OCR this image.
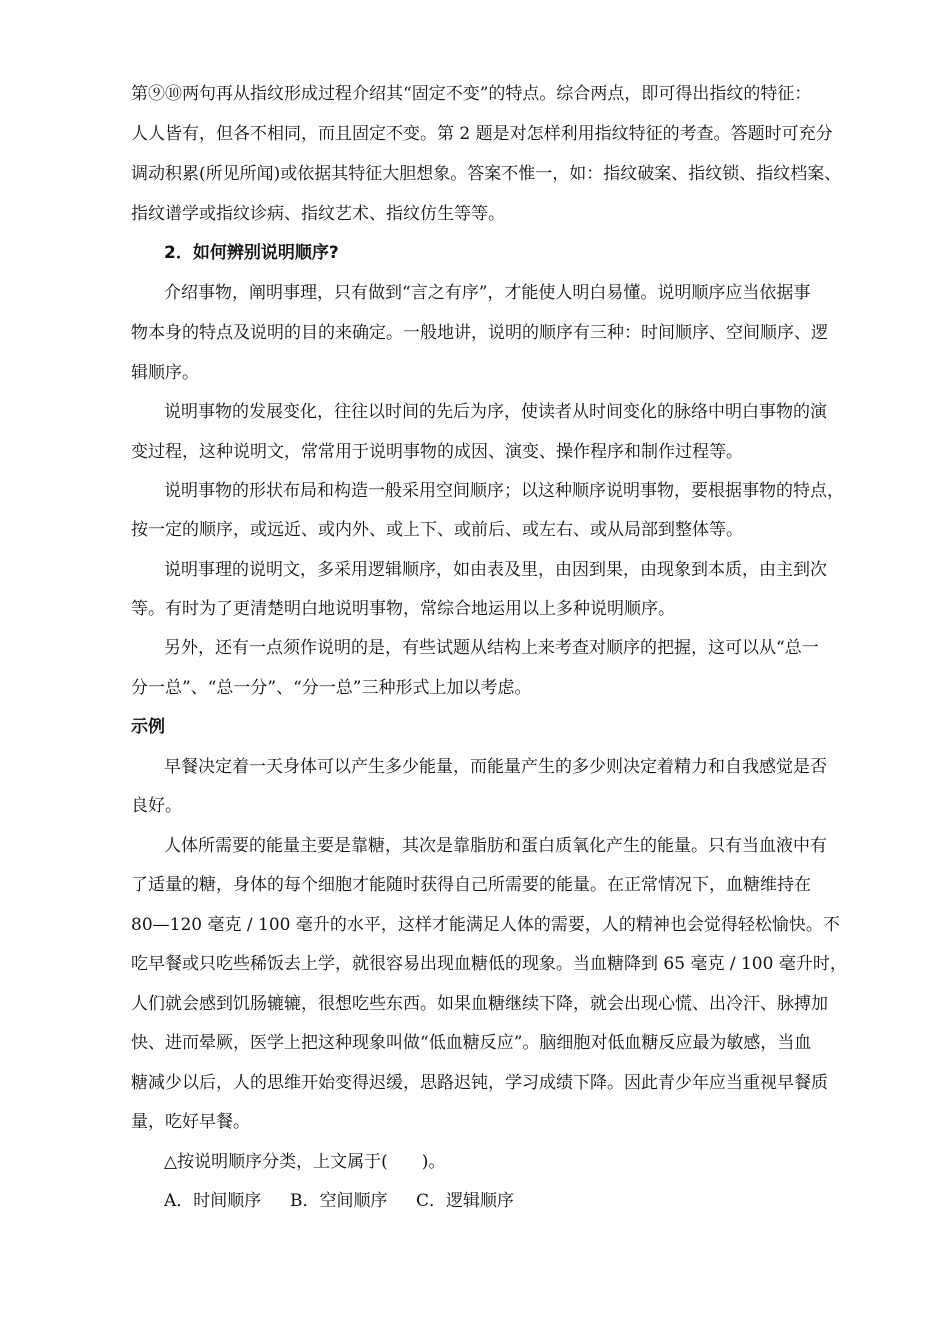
第⑨⑩两句再从指纹形成过程介绍其“固定不变”的特点。综合两点，即可得出指纹的特征：

人人皆有，但各不相同，而且固定不变。第 2 题是对怎样利用指纹特征的考查。答题时可充分

调动积累(所见所闻)或依据其特征大胆想象。答案不惟一，如：指纹破案、指纹锁、指纹档案、

指纹谱学或指纹诊病、指纹艺术、指纹仿生等等。

2．如何辨别说明顺序?

介绍事物，阐明事理，只有做到“言之有序”，才能使人明白易懂。说明顺序应当依据事

物本身的特点及说明的目的来确定。一般地讲，说明的顺序有三种：时间顺序、空间顺序、逻

辑顺序。

说明事物的发展变化，往往以时间的先后为序，使读者从时间变化的脉络中明白事物的演

变过程，这种说明文，常常用于说明事物的成因、演变、操作程序和制作过程等。

说明事物的形状布局和构造一般采用空间顺序；以这种顺序说明事物，要根据事物的特点，

按一定的顺序，或远近、或内外、或上下、或前后、或左右、或从局部到整体等。

说明事理的说明文，多采用逻辑顺序，如由表及里，由因到果，由现象到本质，由主到次

等。有时为了更清楚明白地说明事物，常综合地运用以上多种说明顺序。

另外，还有一点须作说明的是，有些试题从结构上来考查对顺序的把握，这可以从“总一

分一总”、“总一分”、“分一总”三种形式上加以考虑。

示例

早餐决定着一天身体可以产生多少能量，而能量产生的多少则决定着精力和自我感觉是否

良好。

人体所需要的能量主要是靠糖，其次是靠脂肪和蛋白质氧化产生的能量。只有当血液中有

了适量的糖，身体的每个细胞才能随时获得自己所需要的能量。在正常情况下，血糖维持在

80—120 毫克 / 100 毫升的水平，这样才能满足人体的需要，人的精神也会觉得轻松愉快。不

吃早餐或只吃些稀饭去上学，就很容易出现血糖低的现象。当血糖降到 65 毫克 / 100 毫升时，

人们就会感到饥肠辘辘，很想吃些东西。如果血糖继续下降，就会出现心慌、出冷汗、脉搏加

快、进而晕厥，医学上把这种现象叫做“低血糖反应”。脑细胞对低血糖反应最为敏感，当血

糖减少以后，人的思维开始变得迟缓，思路迟钝，学习成绩下降。因此青少年应当重视早餐质

量，吃好早餐。

△按说明顺序分类，上文属于(　　)。

A．时间顺序 B．空间顺序 C．逻辑顺序
